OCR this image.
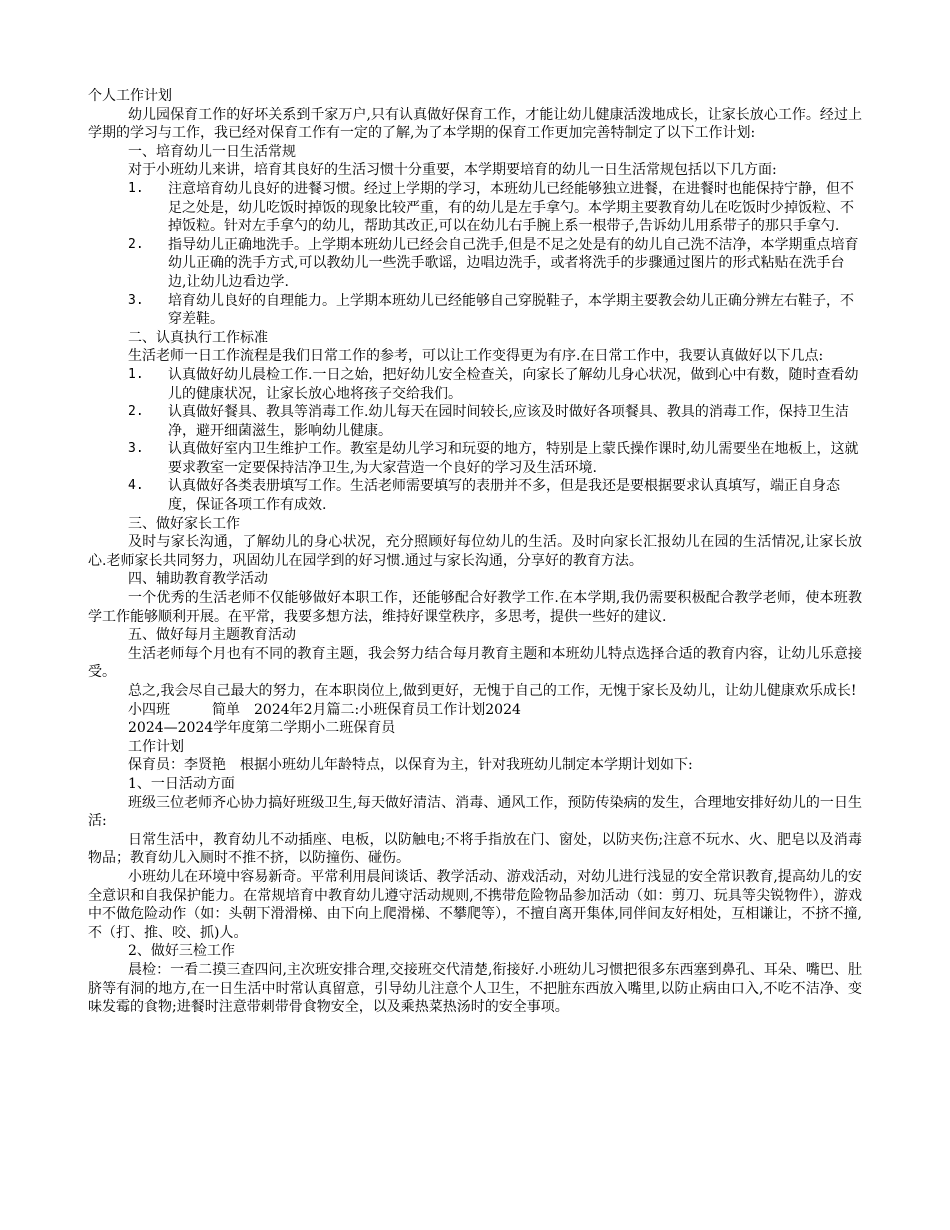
个人工作计划

幼儿园保育工作的好坏关系到千家万户,只有认真做好保育工作，才能让幼儿健康活泼地成长，让家长放心工作。经过上学期的学习与工作，我已经对保育工作有一定的了解,为了本学期的保育工作更加完善特制定了以下工作计划:

一、培育幼儿一日生活常规

对于小班幼儿来讲，培育其良好的生活习惯十分重要，本学期要培育的幼儿一日生活常规包括以下几方面:

1.	注意培育幼儿良好的进餐习惯。经过上学期的学习，本班幼儿已经能够独立进餐，在进餐时也能保持宁静，但不足之处是，幼儿吃饭时掉饭的现象比较严重，有的幼儿是左手拿勺。本学期主要教育幼儿在吃饭时少掉饭粒、不掉饭粒。针对左手拿勺的幼儿，帮助其改正,可以在幼儿右手腕上系一根带子,告诉幼儿用系带子的那只手拿勺.
2.	指导幼儿正确地洗手。上学期本班幼儿已经会自己洗手,但是不足之处是有的幼儿自己洗不洁净，本学期重点培育幼儿正确的洗手方式,可以教幼儿一些洗手歌谣，边唱边洗手，或者将洗手的步骤通过图片的形式粘贴在洗手台边,让幼儿边看边学.
3.	培育幼儿良好的自理能力。上学期本班幼儿已经能够自己穿脱鞋子，本学期主要教会幼儿正确分辨左右鞋子，不穿差鞋。

二、认真执行工作标准

生活老师一日工作流程是我们日常工作的参考，可以让工作变得更为有序.在日常工作中，我要认真做好以下几点:

1.	认真做好幼儿晨检工作.一日之始，把好幼儿安全检查关，向家长了解幼儿身心状况，做到心中有数，随时查看幼儿的健康状况，让家长放心地将孩子交给我们。
2.	认真做好餐具、教具等消毒工作.幼儿每天在园时间较长,应该及时做好各项餐具、教具的消毒工作，保持卫生洁净，避开细菌滋生，影响幼儿健康。
3.	认真做好室内卫生维护工作。教室是幼儿学习和玩耍的地方，特别是上蒙氏操作课时,幼儿需要坐在地板上，这就要求教室一定要保持洁净卫生,为大家营造一个良好的学习及生活环境.
4.	认真做好各类表册填写工作。生活老师需要填写的表册并不多，但是我还是要根据要求认真填写，端正自身态度，保证各项工作有成效.

三、做好家长工作

及时与家长沟通，了解幼儿的身心状况，充分照顾好每位幼儿的生活。及时向家长汇报幼儿在园的生活情况,让家长放心.老师家长共同努力，巩固幼儿在园学到的好习惯.通过与家长沟通，分享好的教育方法。

四、辅助教育教学活动

一个优秀的生活老师不仅能够做好本职工作，还能够配合好教学工作.在本学期,我仍需要积极配合教学老师，使本班教学工作能够顺利开展。在平常，我要多想方法，维持好课堂秩序，多思考，提供一些好的建议.

五、做好每月主题教育活动

生活老师每个月也有不同的教育主题，我会努力结合每月教育主题和本班幼儿特点选择合适的教育内容，让幼儿乐意接受。

总之,我会尽自己最大的努力，在本职岗位上,做到更好，无愧于自己的工作，无愧于家长及幼儿，让幼儿健康欢乐成长!

小四班　　　简单　2024年2月篇二:小班保育员工作计划2024

2024—2024学年度第二学期小二班保育员

工作计划

保育员：李贤艳　根据小班幼儿年龄特点，以保育为主，针对我班幼儿制定本学期计划如下:

1、一日活动方面

班级三位老师齐心协力搞好班级卫生,每天做好清洁、消毒、通风工作，预防传染病的发生，合理地安排好幼儿的一日生活:

日常生活中，教育幼儿不动插座、电板，以防触电;不将手指放在门、窗处，以防夹伤;注意不玩水、火、肥皂以及消毒物品；教育幼儿入厕时不推不挤，以防撞伤、碰伤。

小班幼儿在环境中容易新奇。平常利用晨间谈话、教学活动、游戏活动，对幼儿进行浅显的安全常识教育,提高幼儿的安全意识和自我保护能力。在常规培育中教育幼儿遵守活动规则,不携带危险物品参加活动（如：剪刀、玩具等尖锐物件），游戏中不做危险动作（如：头朝下滑滑梯、由下向上爬滑梯、不攀爬等），不擅自离开集体,同伴间友好相处，互相谦让，不挤不撞,不（打、推、咬、抓)人。

2、做好三检工作

晨检：一看二摸三查四问,主次班安排合理,交接班交代清楚,衔接好.小班幼儿习惯把很多东西塞到鼻孔、耳朵、嘴巴、肚脐等有洞的地方,在一日生活中时常认真留意，引导幼儿注意个人卫生，不把脏东西放入嘴里,以防止病由口入,不吃不洁净、变味发霉的食物;进餐时注意带刺带骨食物安全，以及乘热菜热汤时的安全事项。
